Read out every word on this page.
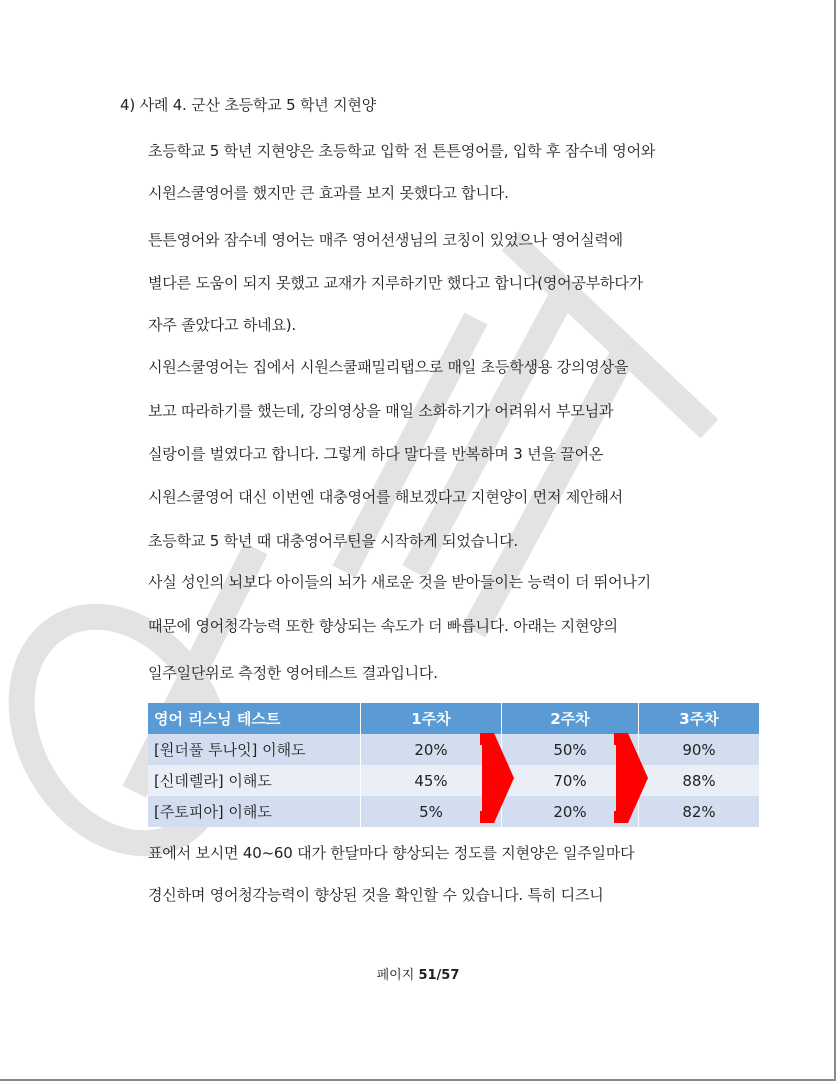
4) 사례 4. 군산 초등학교 5 학년 지현양
초등학교 5 학년 지현양은 초등학교 입학 전 튼튼영어를, 입학 후 잠수네 영어와
시원스쿨영어를 했지만 큰 효과를 보지 못했다고 합니다.
튼튼영어와 잠수네 영어는 매주 영어선생님의 코칭이 있었으나 영어실력에
별다른 도움이 되지 못했고 교재가 지루하기만 했다고 합니다(영어공부하다가
자주 졸았다고 하네요).
시원스쿨영어는 집에서 시원스쿨패밀리탭으로 매일 초등학생용 강의영상을
보고 따라하기를 했는데, 강의영상을 매일 소화하기가 어려워서 부모님과
실랑이를 벌였다고 합니다. 그렇게 하다 말다를 반복하며 3 년을 끌어온
시원스쿨영어 대신 이번엔 대충영어를 해보겠다고 지현양이 먼저 제안해서
초등학교 5 학년 때 대충영어루틴을 시작하게 되었습니다.
사실 성인의 뇌보다 아이들의 뇌가 새로운 것을 받아들이는 능력이 더 뛰어나기
때문에 영어청각능력 또한 향상되는 속도가 더 빠릅니다. 아래는 지현양의
일주일단위로 측정한 영어테스트 결과입니다.
영어 리스닝 테스트	1주차	2주차	3주차
[원더풀 투나잇] 이해도	20%	50%	90%
[신데렐라] 이해도	45%	70%	88%
[주토피아] 이해도	5%	20%	82%
표에서 보시면 40~60 대가 한달마다 향상되는 정도를 지현양은 일주일마다
경신하며 영어청각능력이 향상된 것을 확인할 수 있습니다. 특히 디즈니
페이지 51/57
